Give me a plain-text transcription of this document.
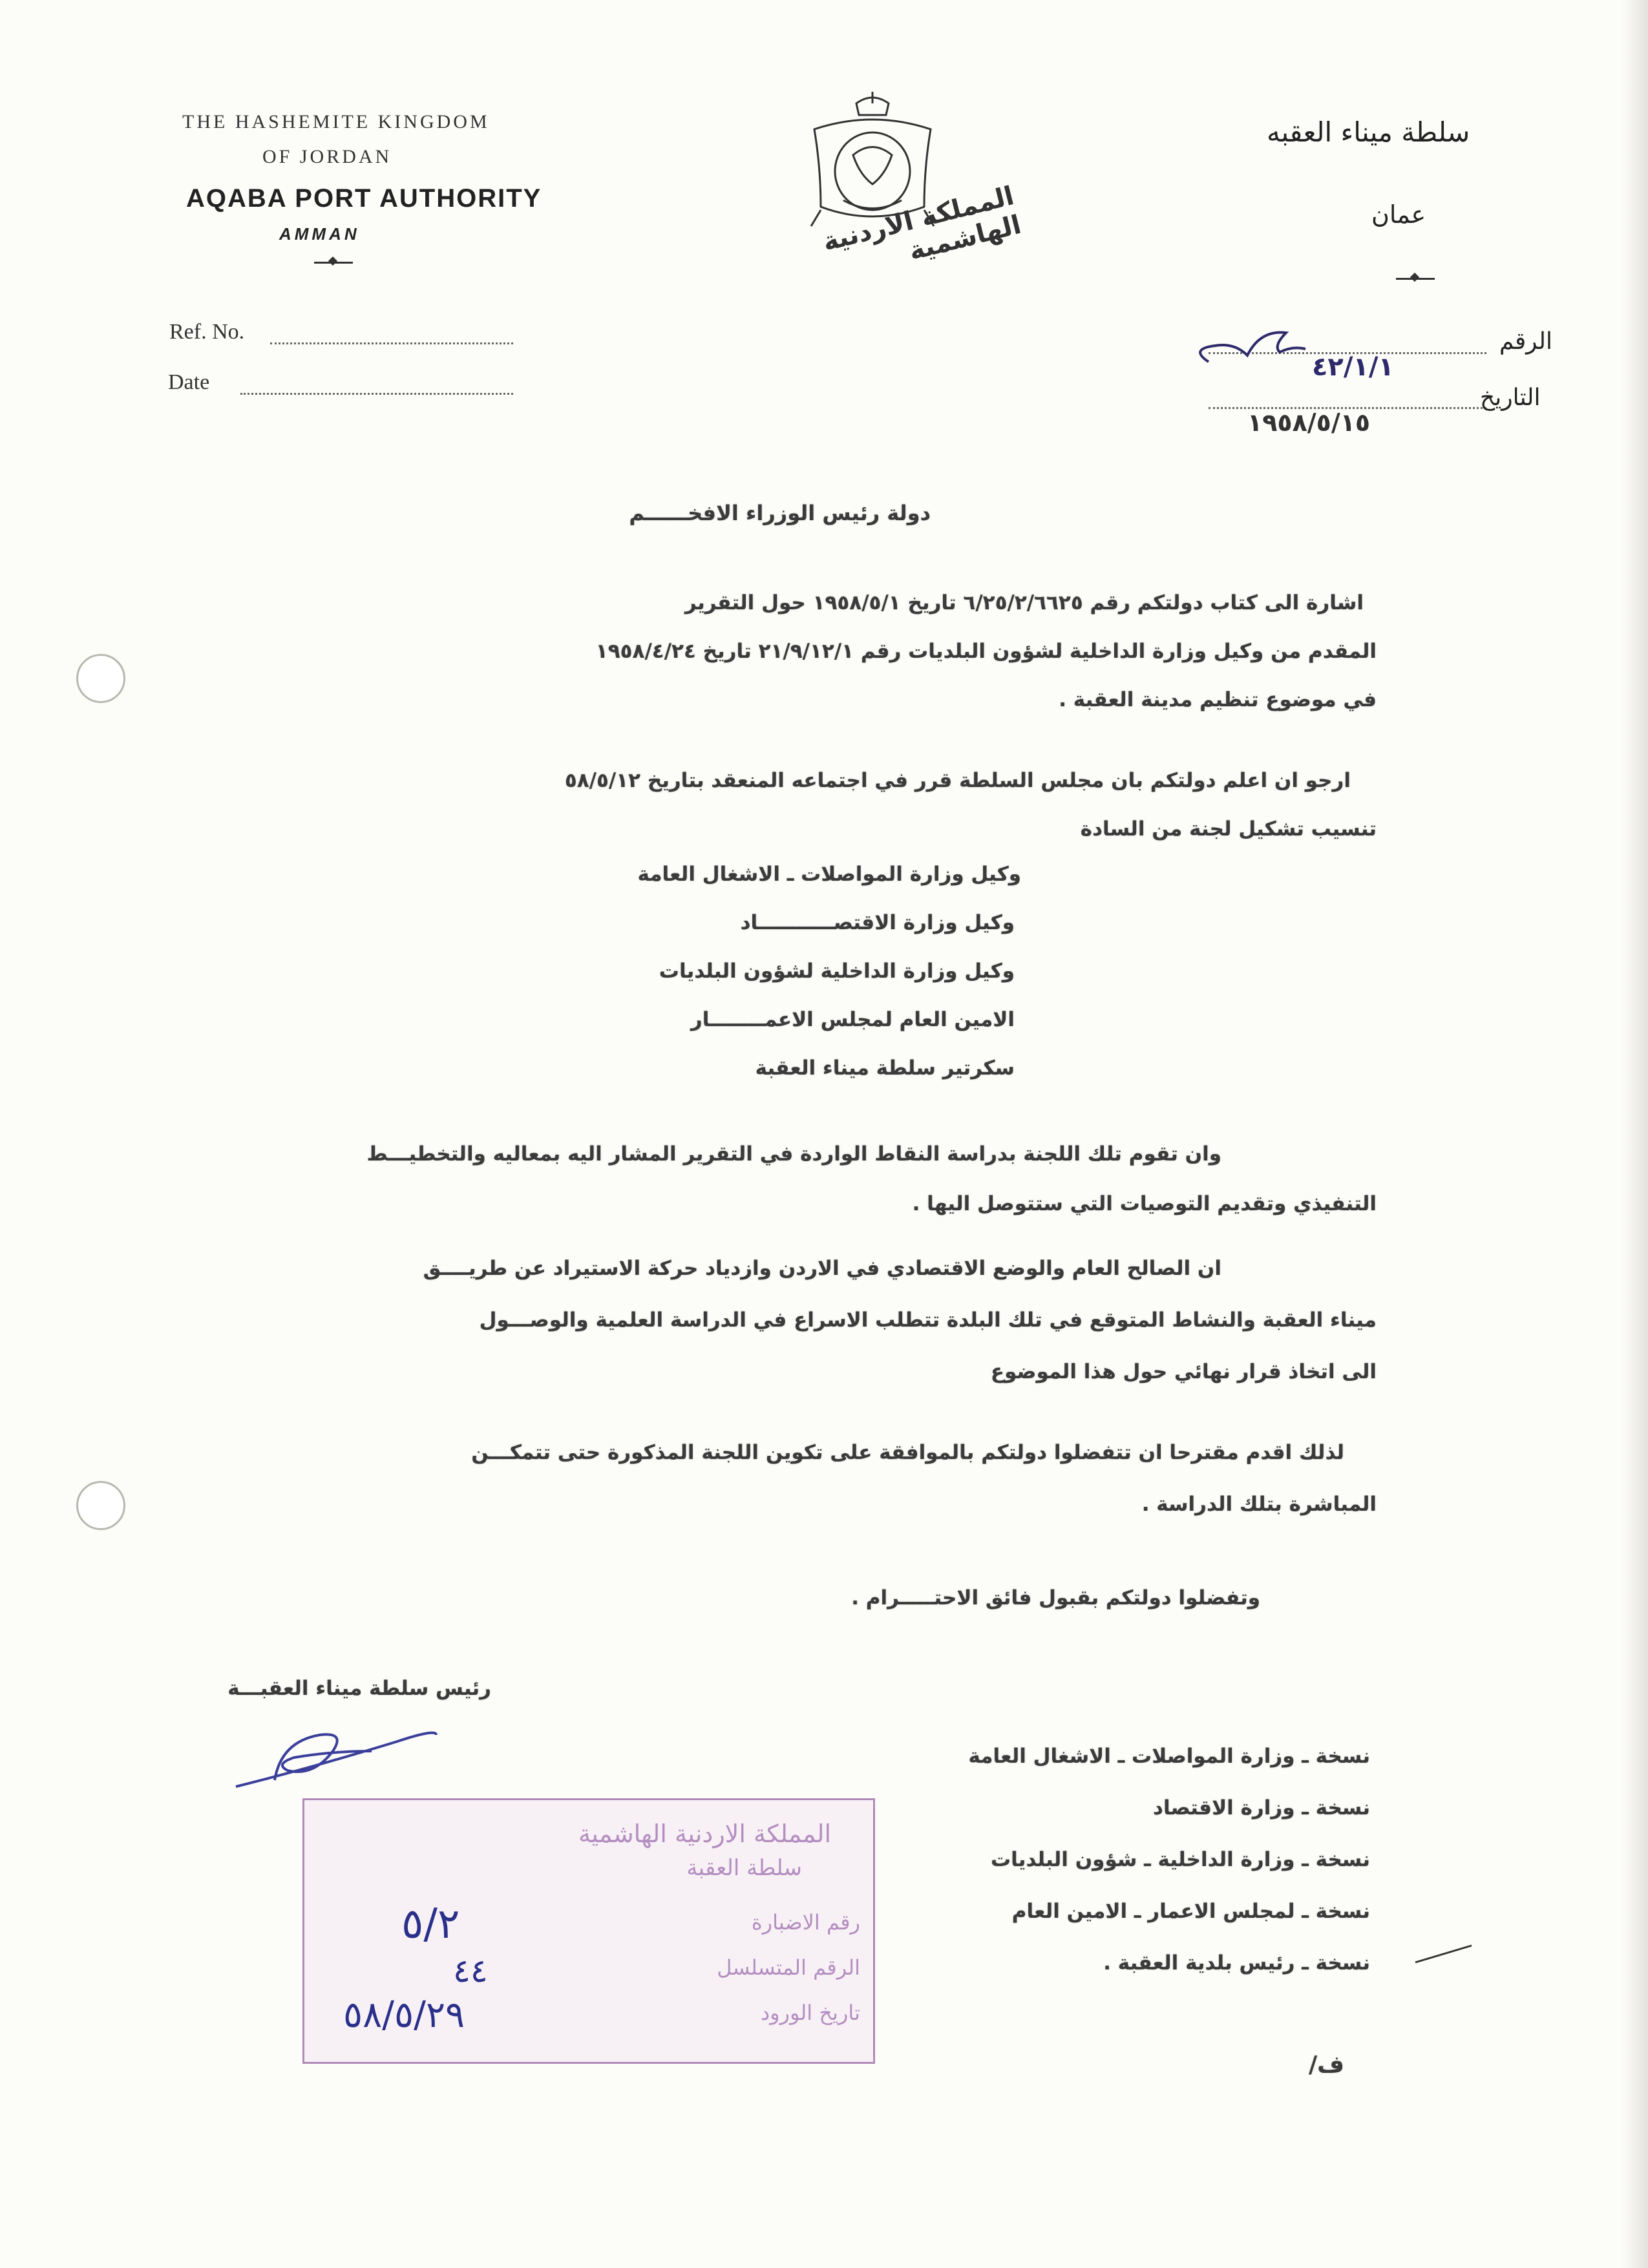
THE HASHEMITE KINGDOM
OF JORDAN
AQABA PORT AUTHORITY
AMMAN	المملكة الاردنية الهاشمية
سلطة ميناء العقبه
عمان
Ref. No.
Date
الرقم
التاريخ
٤٢/١/١
١٩٥٨/٥/١٥
دولة رئيس الوزراء الافخــــــم
اشارة الى كتاب دولتكم رقم ٦/٢٥/٢/٦٦٢٥ تاريخ ١٩٥٨/٥/١ حول التقرير
المقدم من وكيل وزارة الداخلية لشؤون البلديات رقم ٢١/٩/١٢/١ تاريخ ١٩٥٨/٤/٢٤
في موضوع تنظيم مدينة العقبة .
ارجو ان اعلم دولتكم بان مجلس السلطة قرر في اجتماعه المنعقد بتاريخ ٥٨/٥/١٢
تنسيب تشكيل لجنة من السادة
وكيل وزارة المواصلات ـ الاشغال العامة
وكيل وزارة الاقتصـــــــــــاد
وكيل وزارة الداخلية لشؤون البلديات
الامين العام لمجلس الاعمــــــــار
سكرتير سلطة ميناء العقبة
وان تقوم تلك اللجنة بدراسة النقاط الواردة في التقرير المشار اليه بمعاليه والتخطيـــط
التنفيذي وتقديم التوصيات التي ستتوصل اليها .
ان الصالح العام والوضع الاقتصادي في الاردن وازدياد حركة الاستيراد عن طريــــق
ميناء العقبة والنشاط المتوقع في تلك البلدة تتطلب الاسراع في الدراسة العلمية والوصـــول
الى اتخاذ قرار نهائي حول هذا الموضوع
لذلك اقدم مقترحا ان تتفضلوا دولتكم بالموافقة على تكوين اللجنة المذكورة حتى تتمكـــن
المباشرة بتلك الدراسة .
وتفضلوا دولتكم بقبول فائق الاحتـــــرام .
رئيس سلطة ميناء العقبـــة
نسخة ـ وزارة المواصلات ـ الاشغال العامة
نسخة ـ وزارة الاقتصاد
نسخة ـ وزارة الداخلية ـ شؤون البلديات
نسخة ـ لمجلس الاعمار ـ الامين العام
نسخة ـ رئيس بلدية العقبة .
ف/
المملكة الاردنية الهاشمية
سلطة العقبة
رقم الاضبارة
الرقم المتسلسل
تاريخ الورود
٥/٢
٤٤
٥٨/٥/٢٩
